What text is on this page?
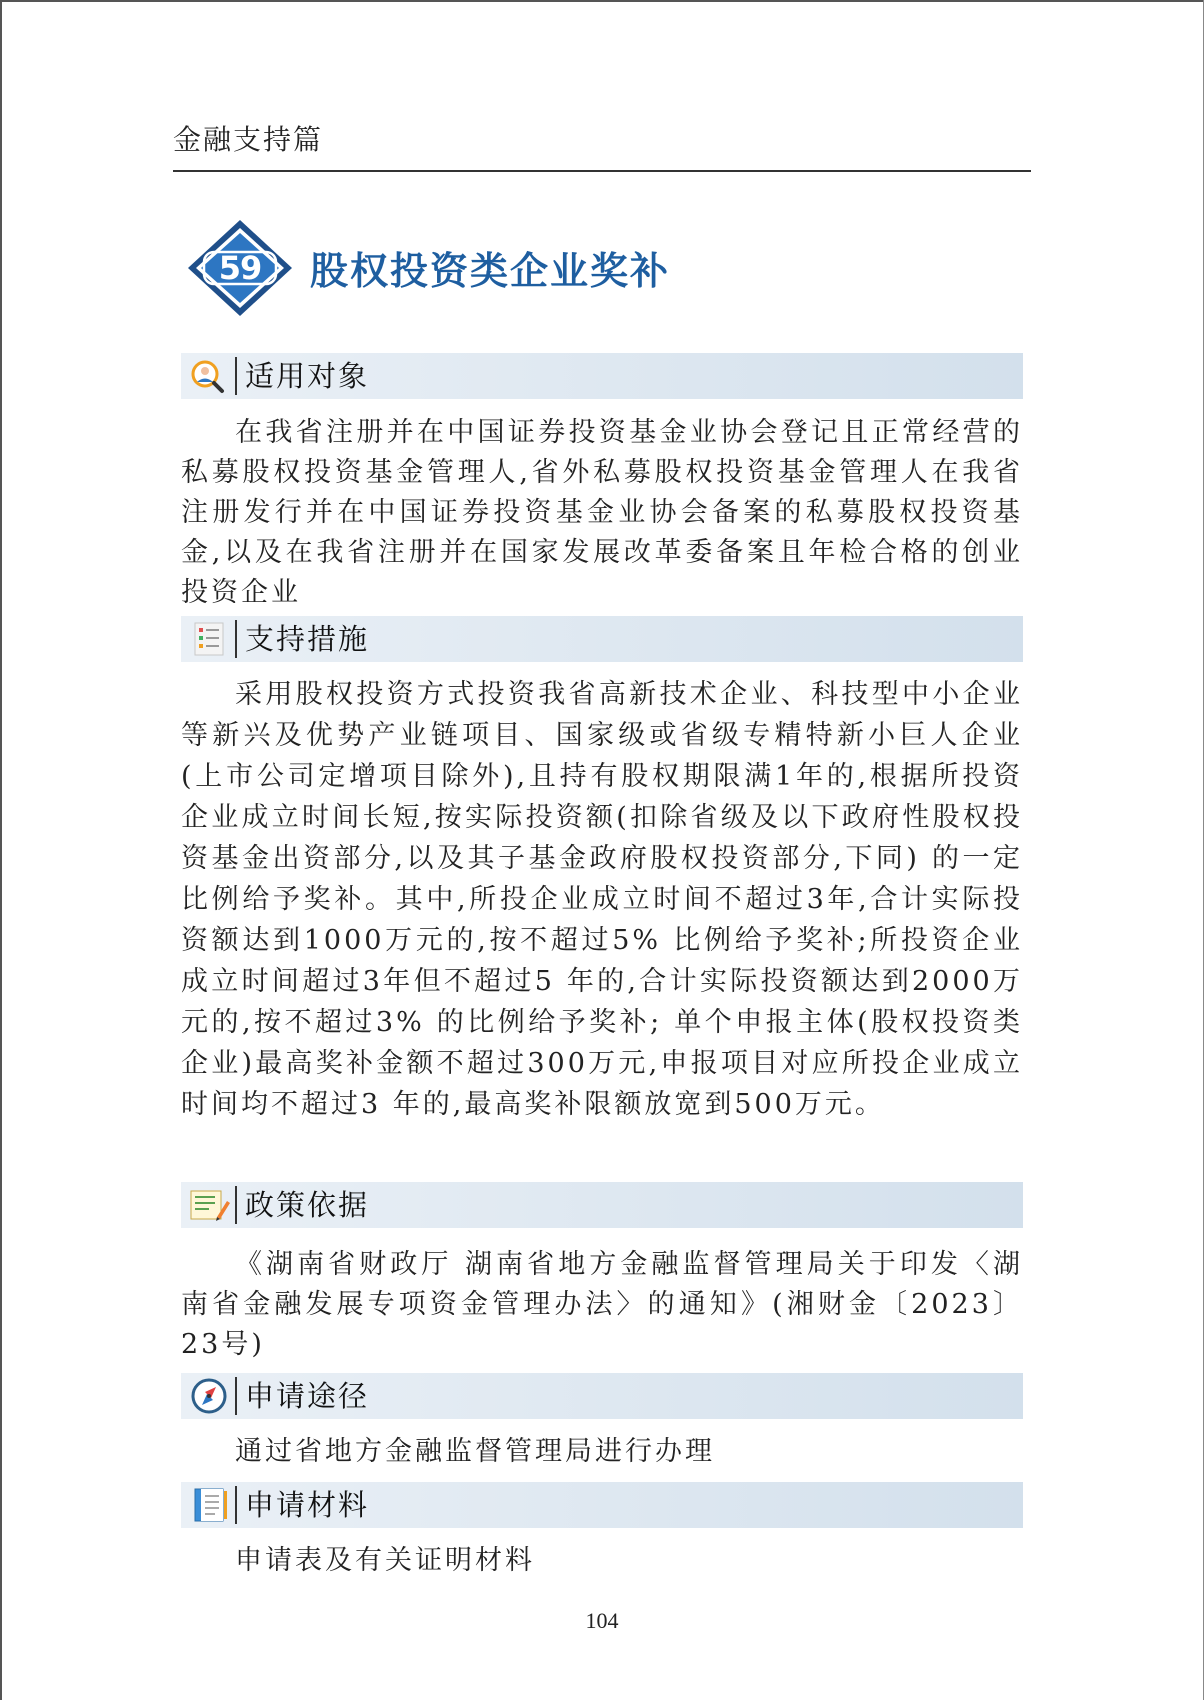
金融支持篇
59	股权投资类企业奖补
适用对象
在我省注册并在中国证券投资基金业协会登记且正常经营的私募股权投资基金管理人,省外私募股权投资基金管理人在我省注册发行并在中国证券投资基金业协会备案的私募股权投资基金,以及在我省注册并在国家发展改革委备案且年检合格的创业投资企业
支持措施
采用股权投资方式投资我省高新技术企业、科技型中小企业等新兴及优势产业链项目、国家级或省级专精特新小巨人企业 (上市公司定增项目除外),且持有股权期限满1年的,根据所投资企业成立时间长短,按实际投资额(扣除省级及以下政府性股权投资基金出资部分,以及其子基金政府股权投资部分,下同) 的一定比例给予奖补。其中,所投企业成立时间不超过3年,合计实际投资额达到1000万元的,按不超过5% 比例给予奖补;所投资企业成立时间超过3年但不超过5 年的,合计实际投资额达到2000万元的,按不超过3% 的比例给予奖补; 单个申报主体(股权投资类企业)最高奖补金额不超过300万元,申报项目对应所投企业成立时间均不超过3 年的,最高奖补限额放宽到500万元。
政策依据
《湖南省财政厅 湖南省地方金融监督管理局关于印发〈湖南省金融发展专项资金管理办法〉的通知》(湘财金〔2023〕23号)
申请途径
通过省地方金融监督管理局进行办理
申请材料
申请表及有关证明材料
104
